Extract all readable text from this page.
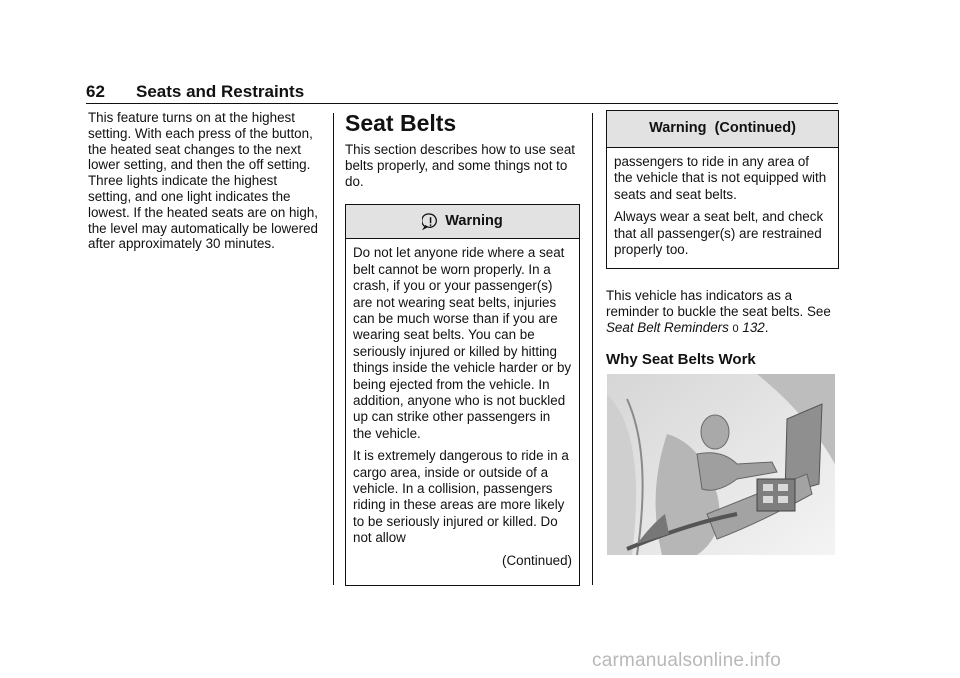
62 Seats and Restraints

This feature turns on at the highest setting. With each press of the button, the heated seat changes to the next lower setting, and then the off setting. Three lights indicate the highest setting, and one light indicates the lowest. If the heated seats are on high, the level may automatically be lowered after approximately 30 minutes.

Seat Belts

This section describes how to use seat belts properly, and some things not to do.

Warning

Do not let anyone ride where a seat belt cannot be worn properly. In a crash, if you or your passenger(s) are not wearing seat belts, injuries can be much worse than if you are wearing seat belts. You can be seriously injured or killed by hitting things inside the vehicle harder or by being ejected from the vehicle. In addition, anyone who is not buckled up can strike other passengers in the vehicle.

It is extremely dangerous to ride in a cargo area, inside or outside of a vehicle. In a collision, passengers riding in these areas are more likely to be seriously injured or killed. Do not allow

(Continued)

Warning  (Continued)

passengers to ride in any area of the vehicle that is not equipped with seats and seat belts.

Always wear a seat belt, and check that all passenger(s) are restrained properly too.

This vehicle has indicators as a reminder to buckle the seat belts. See Seat Belt Reminders 0 132.

Why Seat Belts Work
carmanualsonline.info
